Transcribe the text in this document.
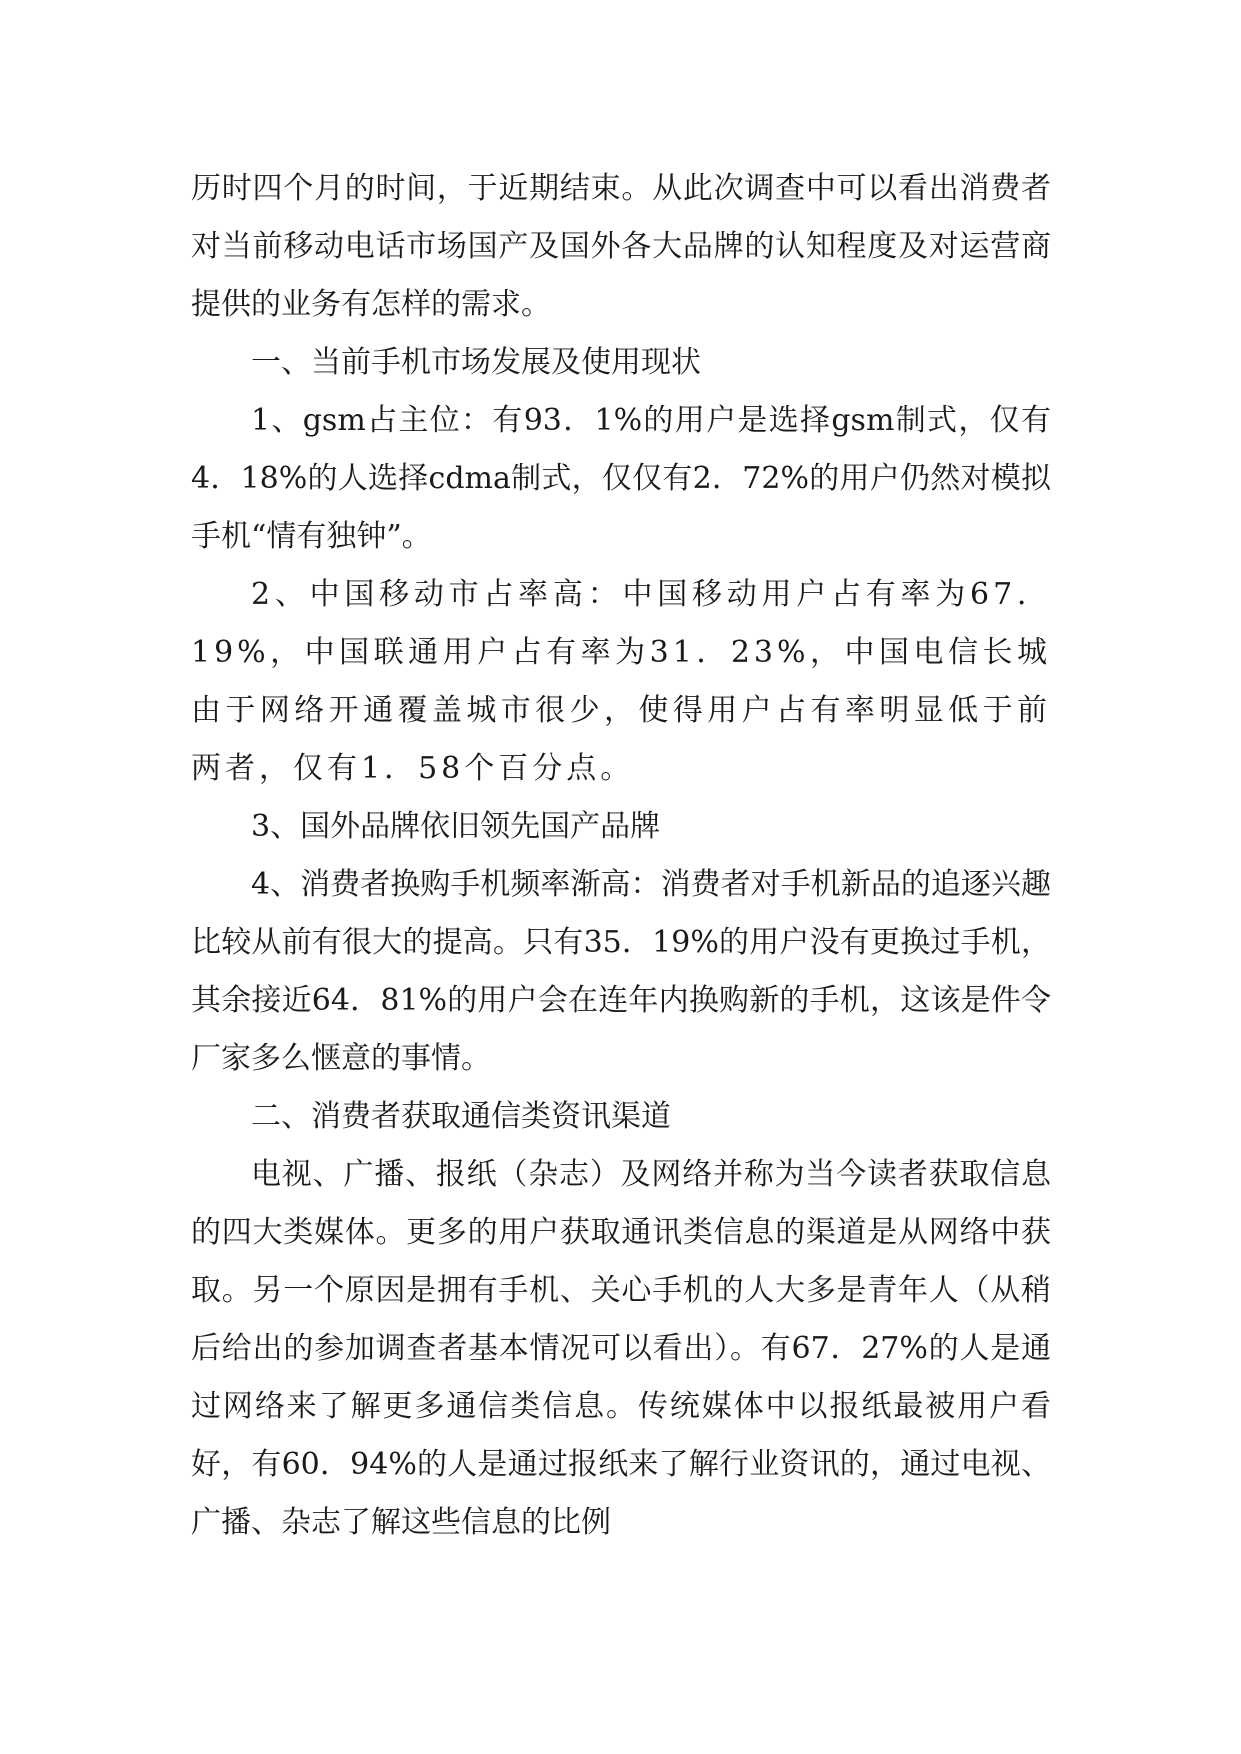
历时四个月的时间，于近期结束。从此次调查中可以看出消费者对当前移动电话市场国产及国外各大品牌的认知程度及对运营商提供的业务有怎样的需求。

一、当前手机市场发展及使用现状

1、gsm占主位：有93．1%的用户是选择gsm制式，仅有4．18%的人选择cdma制式，仅仅有2．72%的用户仍然对模拟手机“情有独钟”。

2、中国移动市占率高：中国移动用户占有率为67．19%，中国联通用户占有率为31．23%，中国电信长城由于网络开通覆盖城市很少，使得用户占有率明显低于前两者，仅有1．58个百分点。

3、国外品牌依旧领先国产品牌

4、消费者换购手机频率渐高：消费者对手机新品的追逐兴趣比较从前有很大的提高。只有35．19%的用户没有更换过手机，其余接近64．81%的用户会在连年内换购新的手机，这该是件令厂家多么惬意的事情。

二、消费者获取通信类资讯渠道

电视、广播、报纸（杂志）及网络并称为当今读者获取信息的四大类媒体。更多的用户获取通讯类信息的渠道是从网络中获取。另一个原因是拥有手机、关心手机的人大多是青年人（从稍后给出的参加调查者基本情况可以看出）。有67．27%的人是通过网络来了解更多通信类信息。传统媒体中以报纸最被用户看好，有60．94%的人是通过报纸来了解行业资讯的，通过电视、广播、杂志了解这些信息的比例
